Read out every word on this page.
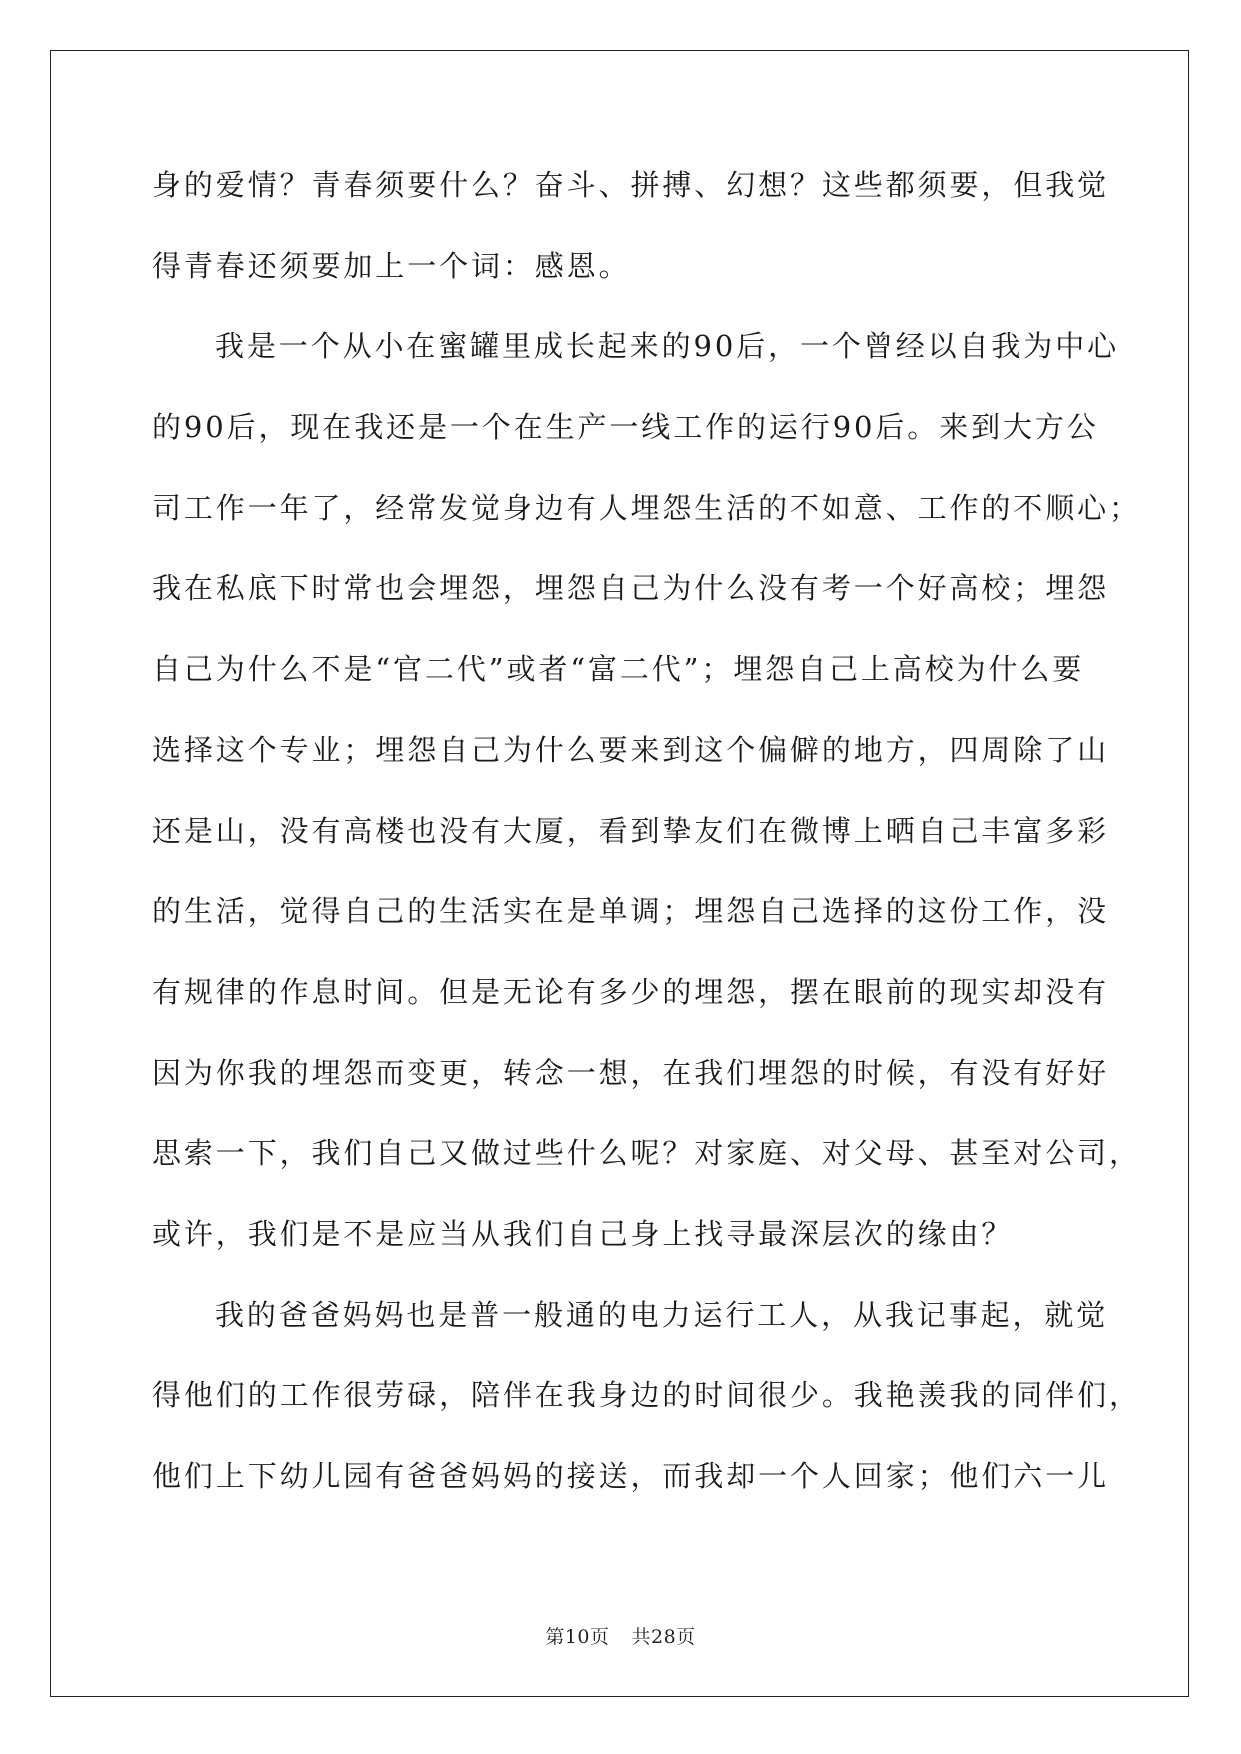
身的爱情？青春须要什么？奋斗、拼搏、幻想？这些都须要，但我觉
得青春还须要加上一个词：感恩。
我是一个从小在蜜罐里成长起来的90后，一个曾经以自我为中心
的90后，现在我还是一个在生产一线工作的运行90后。来到大方公
司工作一年了，经常发觉身边有人埋怨生活的不如意、工作的不顺心；
我在私底下时常也会埋怨，埋怨自己为什么没有考一个好高校；埋怨
自己为什么不是“官二代”或者“富二代”；埋怨自己上高校为什么要
选择这个专业；埋怨自己为什么要来到这个偏僻的地方，四周除了山
还是山，没有高楼也没有大厦，看到挚友们在微博上晒自己丰富多彩
的生活，觉得自己的生活实在是单调；埋怨自己选择的这份工作，没
有规律的作息时间。但是无论有多少的埋怨，摆在眼前的现实却没有
因为你我的埋怨而变更，转念一想，在我们埋怨的时候，有没有好好
思索一下，我们自己又做过些什么呢？对家庭、对父母、甚至对公司，
或许，我们是不是应当从我们自己身上找寻最深层次的缘由？
我的爸爸妈妈也是普一般通的电力运行工人，从我记事起，就觉
得他们的工作很劳碌，陪伴在我身边的时间很少。我艳羡我的同伴们，
他们上下幼儿园有爸爸妈妈的接送，而我却一个人回家；他们六一儿
第10页 共28页
